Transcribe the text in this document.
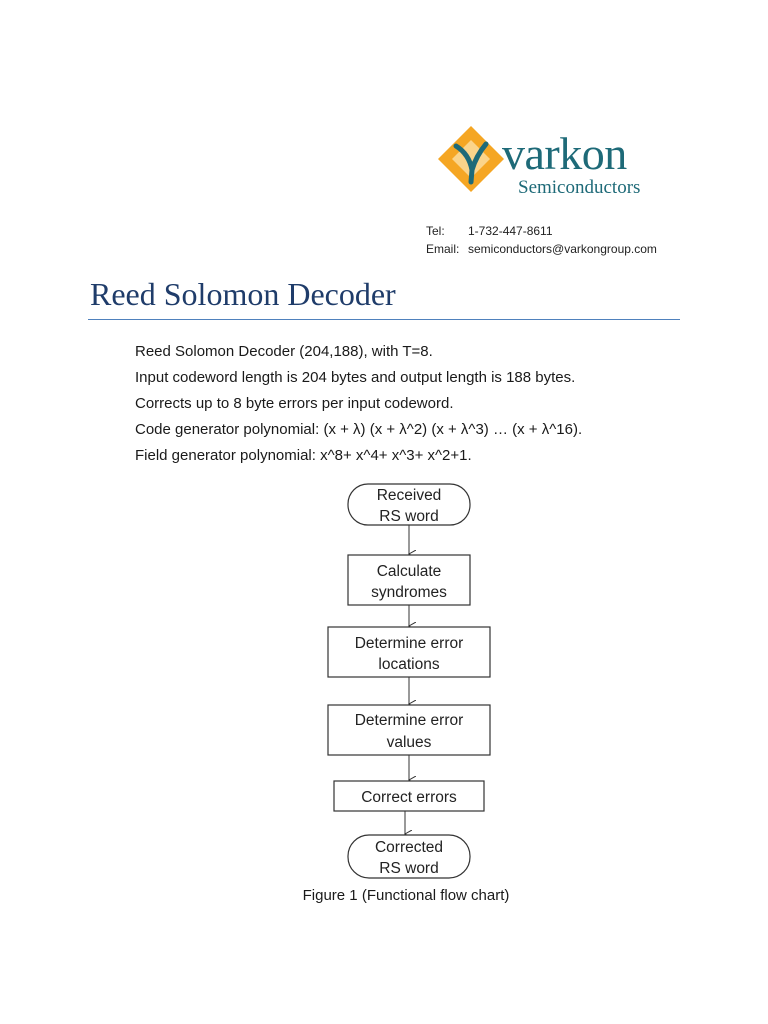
varkon
Semiconductors
Tel:	1-732-447-8611
Email: semiconductors@varkongroup.com
Reed Solomon Decoder

Reed Solomon Decoder (204,188), with T=8.

Input codeword length is 204 bytes and output length is 188 bytes.

Corrects up to 8 byte errors per input codeword.

Code generator polynomial: (x + λ) (x + λ^2) (x + λ^3) … (x + λ^16).

Field generator polynomial: x^8+ x^4+ x^3+ x^2+1.

Received
RS word
Calculate
syndromes
Determine error
locations
Determine error
values
Correct errors
Corrected
RS word
Figure 1 (Functional flow chart)
